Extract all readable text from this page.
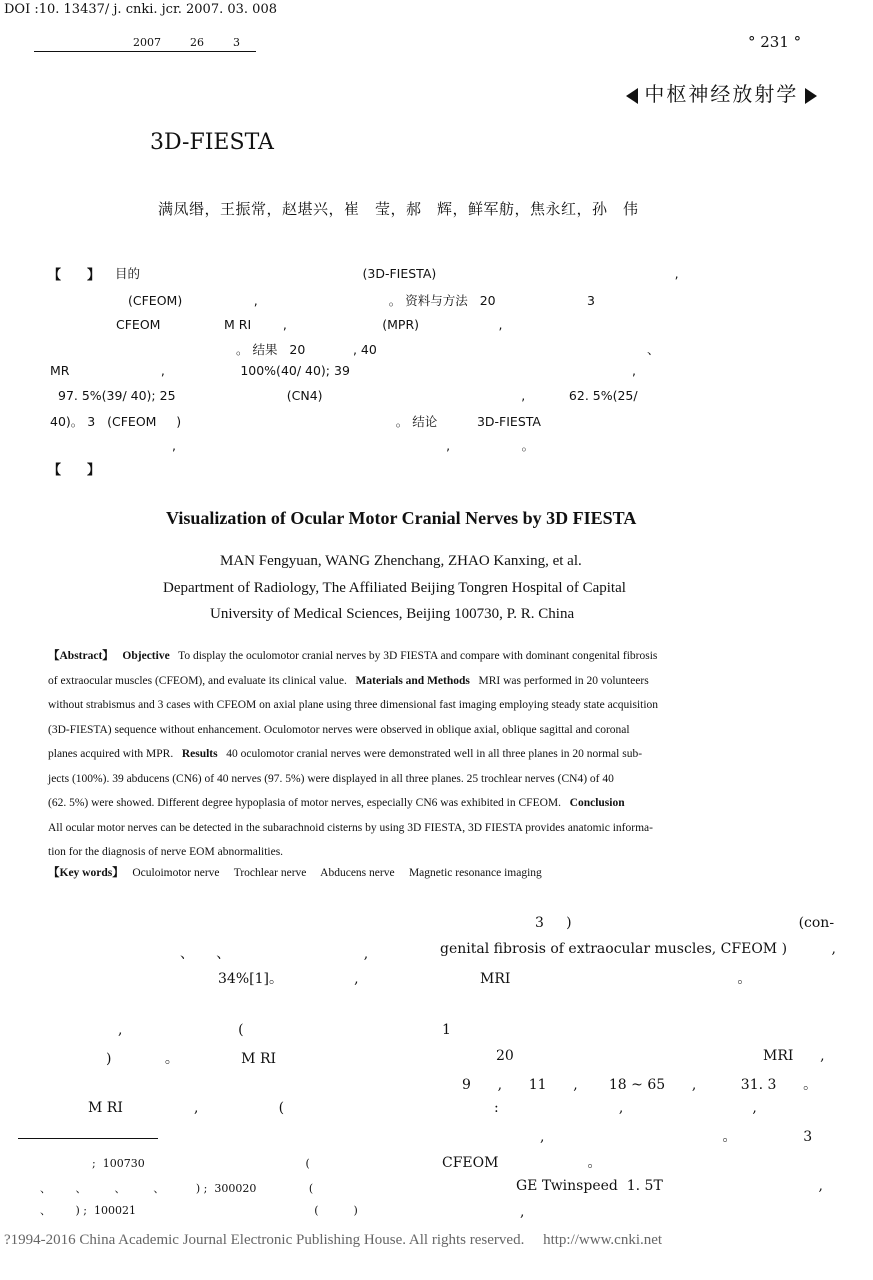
DOI :10. 13437/ j. cnki. jcr. 2007. 03. 008
2007	26	3	° 231 °
中枢神经放射学
3D-FIESTA
满凤缗，王振常，赵堪兴，崔　莹，郝　辉，鲜军舫，焦永红，孙　伟
【　　】 目的                                                        (3D-FIESTA)                                                            ,
(CFEOM)                  ,                                 。 资料与方法   20                       3
CFEOM                M RI        ,                        (MPR)                    ,
。 结果   20            , 40                                                                    、
MR                       ,                   100%(40/ 40); 39                                                                       ,
97. 5%(39/ 40); 25                            (CN4)                                                  ,           62. 5%(25/
40)。 3   (CFEOM     )                                                      。 结论          3D-FIESTA
,                                                                    ,                  。
【　　】
Visualization of Ocular Motor Cranial Nerves by 3D FIESTA
MAN Fengyuan, WANG Zhenchang, ZHAO Kanxing, et al.
Department of Radiology, The Affiliated Beijing Tongren Hospital of Capital
University of Medical Sciences, Beijing 100730, P. R. China
【Abstract】 Objective To display the oculomotor cranial nerves by 3D FIESTA and compare with dominant congenital fibrosis
of extraocular muscles (CFEOM), and evaluate its clinical value. Materials and Methods MRI was performed in 20 volunteers
without strabismus and 3 cases with CFEOM on axial plane using three dimensional fast imaging employing steady state acquisition
(3D-FIESTA) sequence without enhancement. Oculomotor nerves were observed in oblique axial, oblique sagittal and coronal
planes acquired with MPR. Results 40 oculomotor cranial nerves were demonstrated well in all three planes in 20 normal sub-
jects (100%). 39 abducens (CN6) of 40 nerves (97. 5%) were displayed in all three planes. 25 trochlear nerves (CN4) of 40
(62. 5%) were showed. Different degree hypoplasia of motor nerves, especially CN6 was exhibited in CFEOM. Conclusion
All ocular motor nerves can be detected in the subarachnoid cisterns by using 3D FIESTA, 3D FIESTA provides anatomic informa-
tion for the diagnosis of nerve EOM abnormalities.
【Key words】 Oculoimotor nerve Trochlear nerve Abducens nerve Magnetic resonance imaging
、     、                              ,
34%[1]。                ,
,                          (
)            。              M RI
M RI                ,                  (
3     )                                                   (con-
genital fibrosis of extraocular muscles, CFEOM )          ,
MRI                                                   。
1
20                                                        MRI      ,
9      ,      11      ,       18 ~ 65      ,          31. 3      。
:                           ,                             ,
,                                        。               3
CFEOM                    。
GE Twinspeed  1. 5T                                   ,
,
;  100730                                              (
、       、        、        、         ) ;  300020               (
、       ) ;  100021                                                   (          )
?1994-2016 China Academic Journal Electronic Publishing House. All rights reserved.     http://www.cnki.net
